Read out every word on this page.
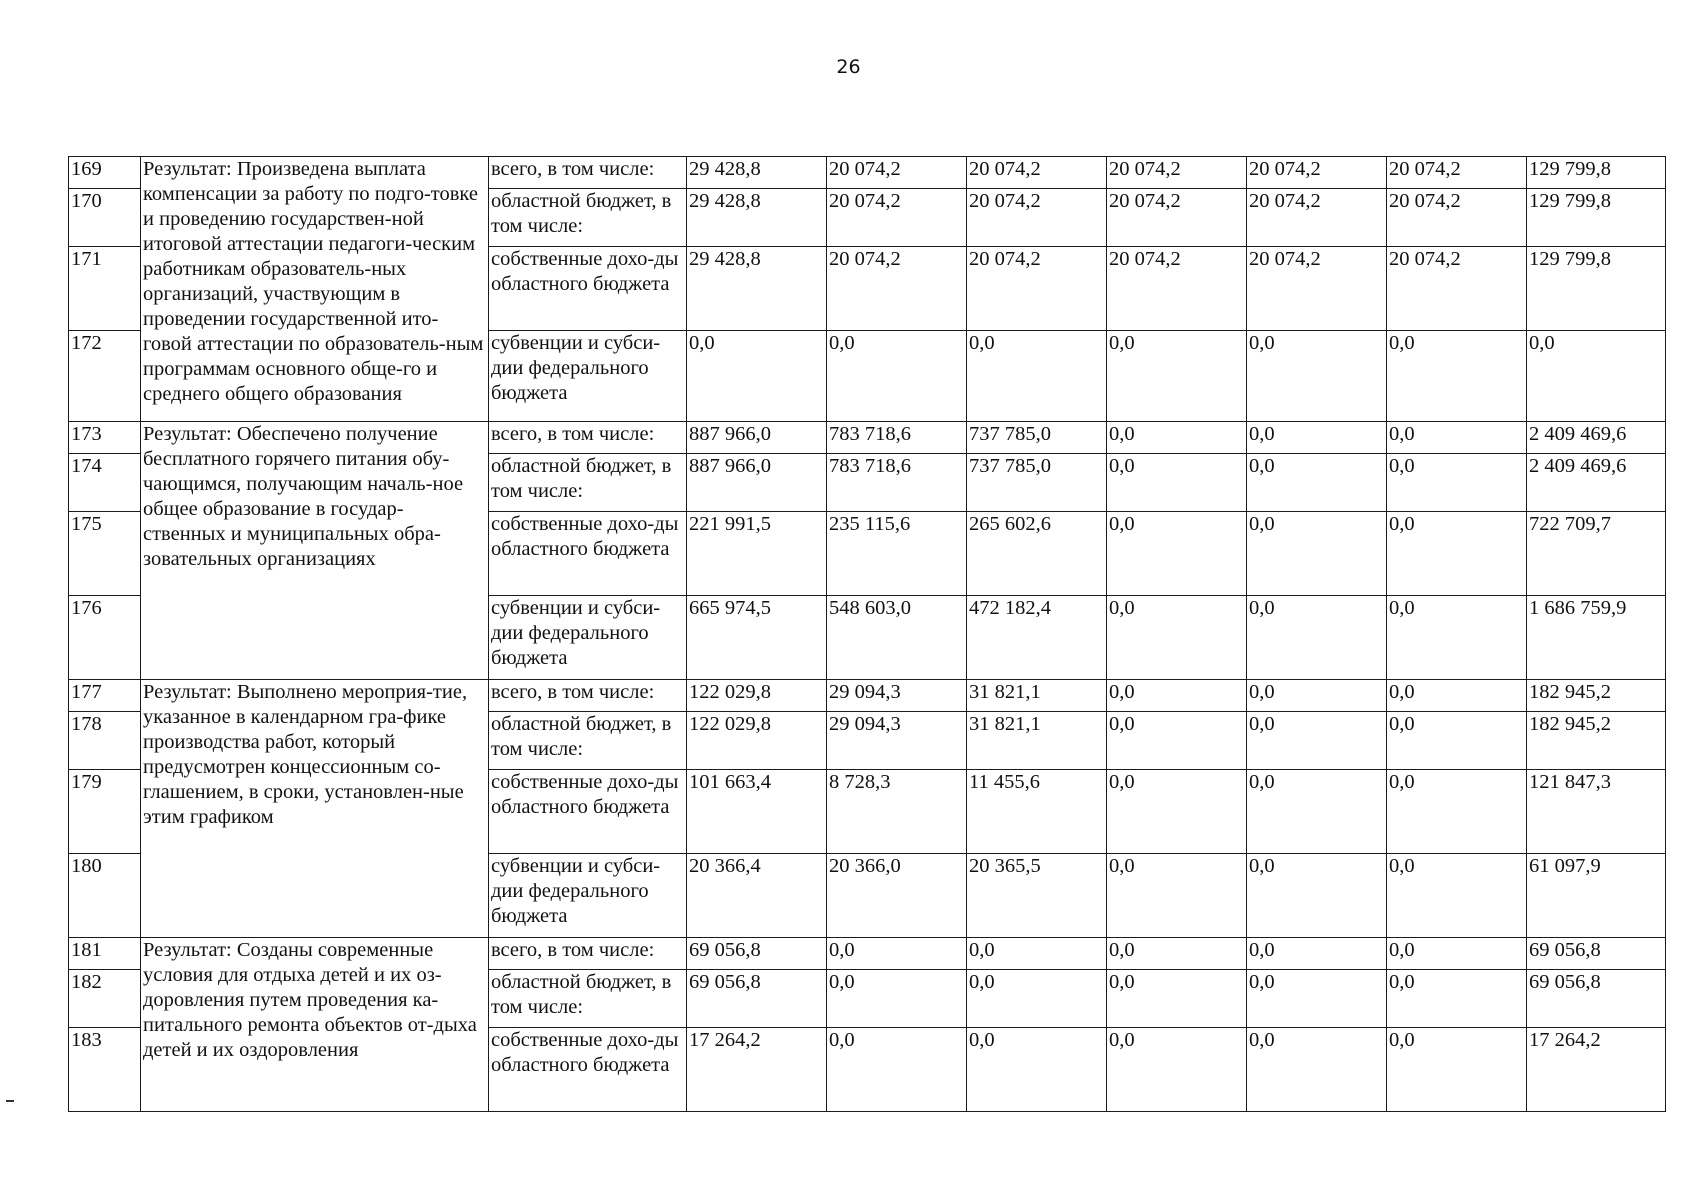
26
169	Результат: Произведена выплата компенсации за работу по подго-товке и проведению государствен-ной итоговой аттестации педагоги-ческим работникам образователь-ных организаций, участвующим в проведении государственной ито-говой аттестации по образователь-ным программам основного обще-го и среднего общего образования	всего, в том числе:	29 428,8	20 074,2	20 074,2	20 074,2	20 074,2	20 074,2	129 799,8
170		областной бюджет, в том числе:	29 428,8	20 074,2	20 074,2	20 074,2	20 074,2	20 074,2	129 799,8
171		собственные дохо-ды областного бюджета	29 428,8	20 074,2	20 074,2	20 074,2	20 074,2	20 074,2	129 799,8
172		субвенции и субси-дии федерального бюджета	0,0	0,0	0,0	0,0	0,0	0,0	0,0
173	Результат: Обеспечено получение бесплатного горячего питания обу-чающимся, получающим началь-ное общее образование в государ-ственных и муниципальных обра-зовательных организациях	всего, в том числе:	887 966,0	783 718,6	737 785,0	0,0	0,0	0,0	2 409 469,6
174		областной бюджет, в том числе:	887 966,0	783 718,6	737 785,0	0,0	0,0	0,0	2 409 469,6
175		собственные дохо-ды областного бюджета	221 991,5	235 115,6	265 602,6	0,0	0,0	0,0	722 709,7
176		субвенции и субси-дии федерального бюджета	665 974,5	548 603,0	472 182,4	0,0	0,0	0,0	1 686 759,9
177	Результат: Выполнено мероприя-тие, указанное в календарном гра-фике производства работ, который предусмотрен концессионным со-глашением, в сроки, установлен-ные этим графиком	всего, в том числе:	122 029,8	29 094,3	31 821,1	0,0	0,0	0,0	182 945,2
178		областной бюджет, в том числе:	122 029,8	29 094,3	31 821,1	0,0	0,0	0,0	182 945,2
179		собственные дохо-ды областного бюджета	101 663,4	8 728,3	11 455,6	0,0	0,0	0,0	121 847,3
180		субвенции и субси-дии федерального бюджета	20 366,4	20 366,0	20 365,5	0,0	0,0	0,0	61 097,9
181	Результат: Созданы современные условия для отдыха детей и их оз-доровления путем проведения ка-питального ремонта объектов от-дыха детей и их оздоровления	всего, в том числе:	69 056,8	0,0	0,0	0,0	0,0	0,0	69 056,8
182		областной бюджет, в том числе:	69 056,8	0,0	0,0	0,0	0,0	0,0	69 056,8
183		собственные дохо-ды областного бюджета	17 264,2	0,0	0,0	0,0	0,0	0,0	17 264,2
